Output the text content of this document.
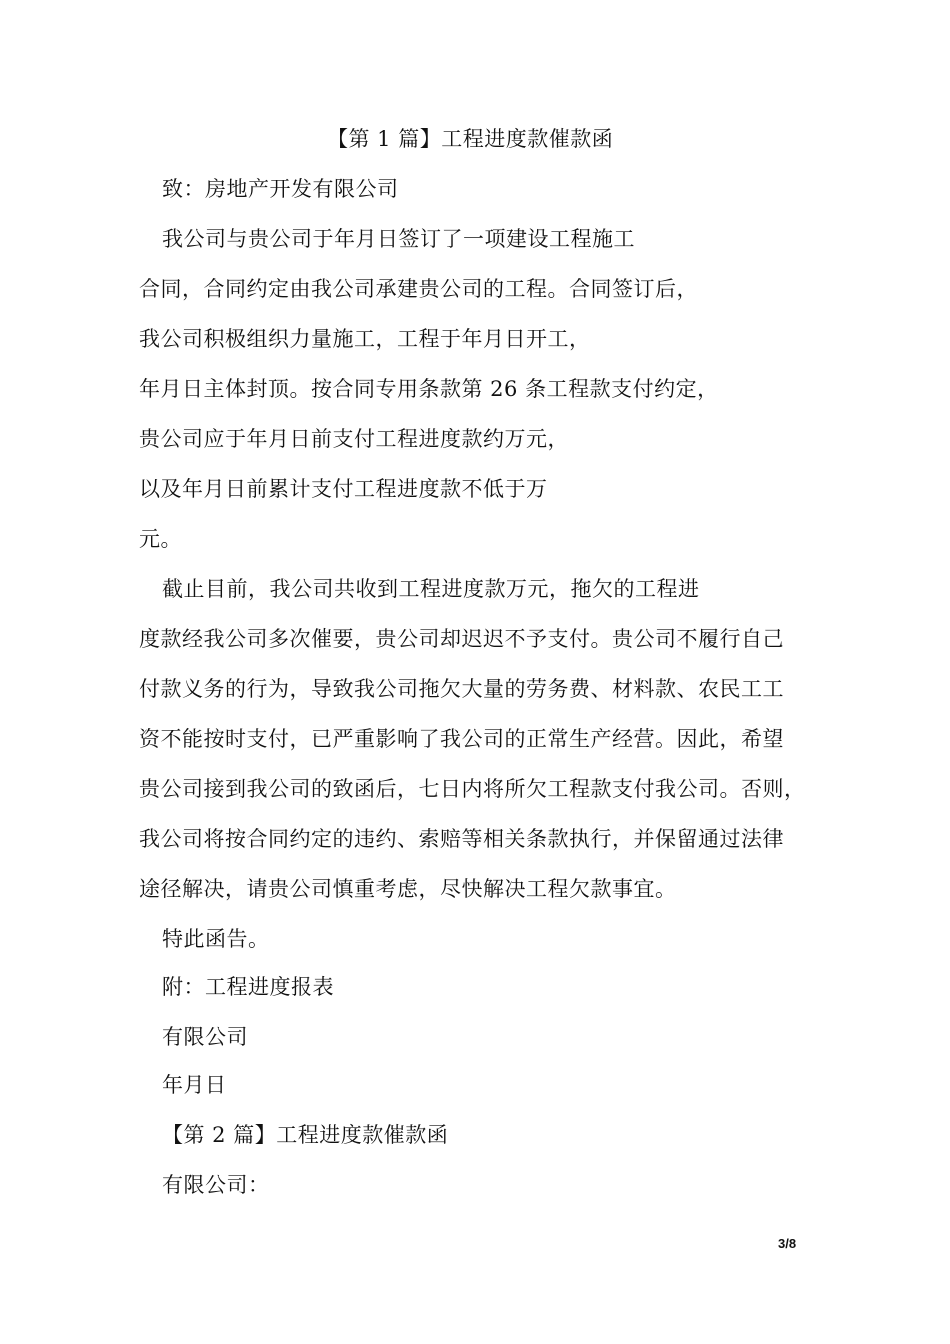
【第 1 篇】工程进度款催款函
致：房地产开发有限公司
我公司与贵公司于年月日签订了一项建设工程施工
合同，合同约定由我公司承建贵公司的工程。合同签订后，
我公司积极组织力量施工，工程于年月日开工，
年月日主体封顶。按合同专用条款第 26 条工程款支付约定，
贵公司应于年月日前支付工程进度款约万元，
以及年月日前累计支付工程进度款不低于万
元。
截止目前，我公司共收到工程进度款万元，拖欠的工程进
度款经我公司多次催要，贵公司却迟迟不予支付。贵公司不履行自己
付款义务的行为，导致我公司拖欠大量的劳务费、材料款、农民工工
资不能按时支付，已严重影响了我公司的正常生产经营。因此，希望
贵公司接到我公司的致函后，七日内将所欠工程款支付我公司。否则，
我公司将按合同约定的违约、索赔等相关条款执行，并保留通过法律
途径解决，请贵公司慎重考虑，尽快解决工程欠款事宜。
特此函告。
附：工程进度报表
有限公司
年月日
【第 2 篇】工程进度款催款函
有限公司：
3/8
